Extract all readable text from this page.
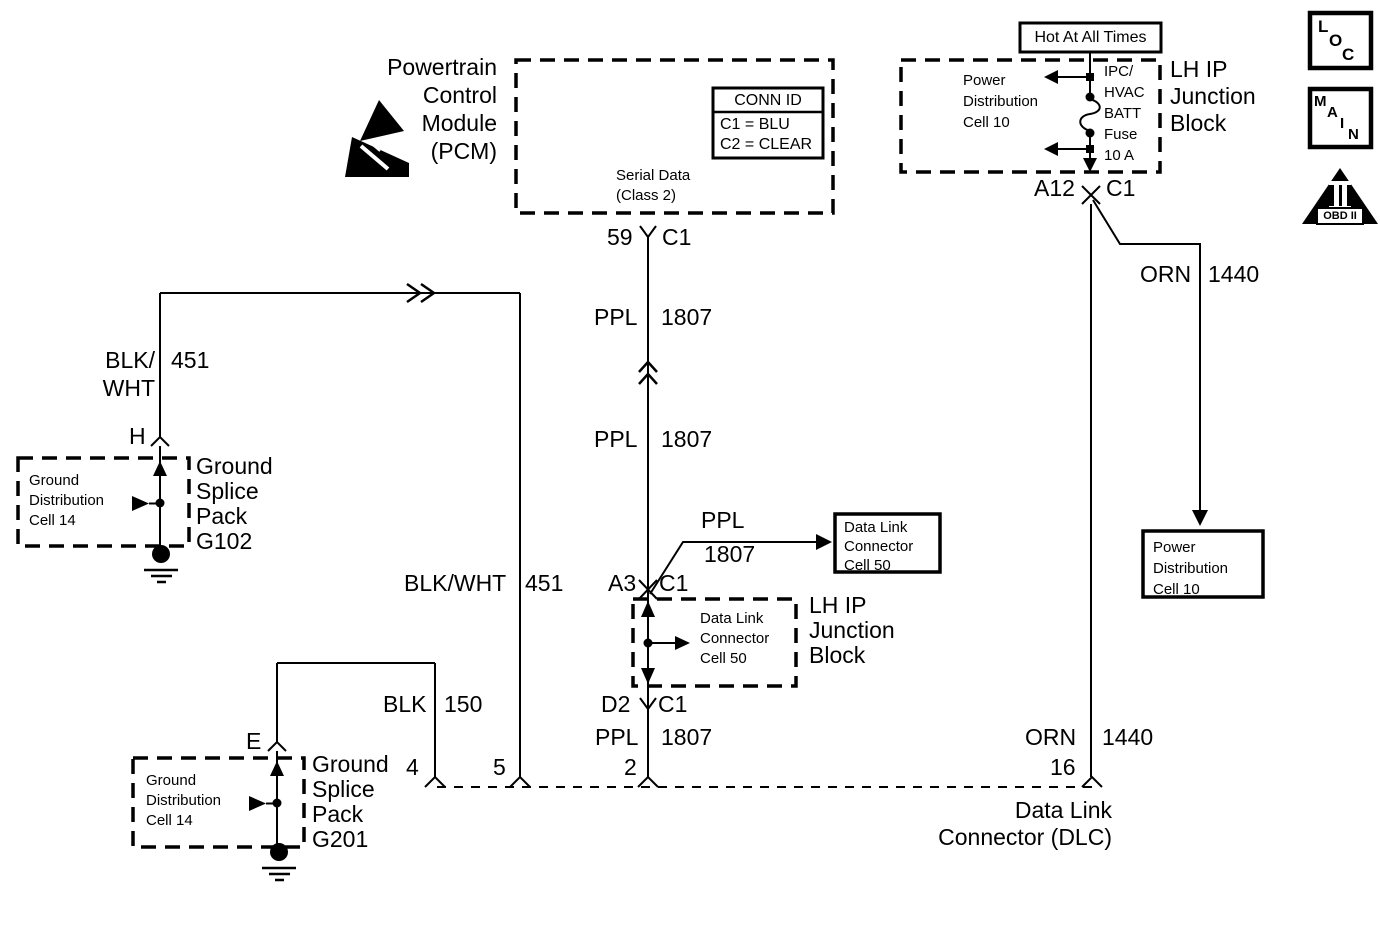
Powertrain
Control
Module
(PCM)
CONN ID
C1 = BLU
C2 = CLEAR
Serial Data
(Class 2)
59 C1
PPL 1807
PPL 1807
A3 C1
PPL
1807
Data Link
Connector
Cell 50
Data Link
Connector
Cell 50
LH IP
Junction
Block
D2 C1
PPL 1807
BLK/
WHT
451
H
Ground
Distribution
Cell 14
Ground
Splice
Pack
G102
BLK/WHT 451
BLK 150
E
Ground
Distribution
Cell 14
Ground
Splice
Pack
G201
4	5	2	16
Hot At All Times
Power
Distribution
Cell 10
IPC/
HVAC
BATT
Fuse
10 A
LH IP
Junction
Block
A12 C1
ORN 1440
Power
Distribution
Cell 10
ORN 1440
Data Link
Connector (DLC)
L
O
C
M
A
I
N
OBD II
